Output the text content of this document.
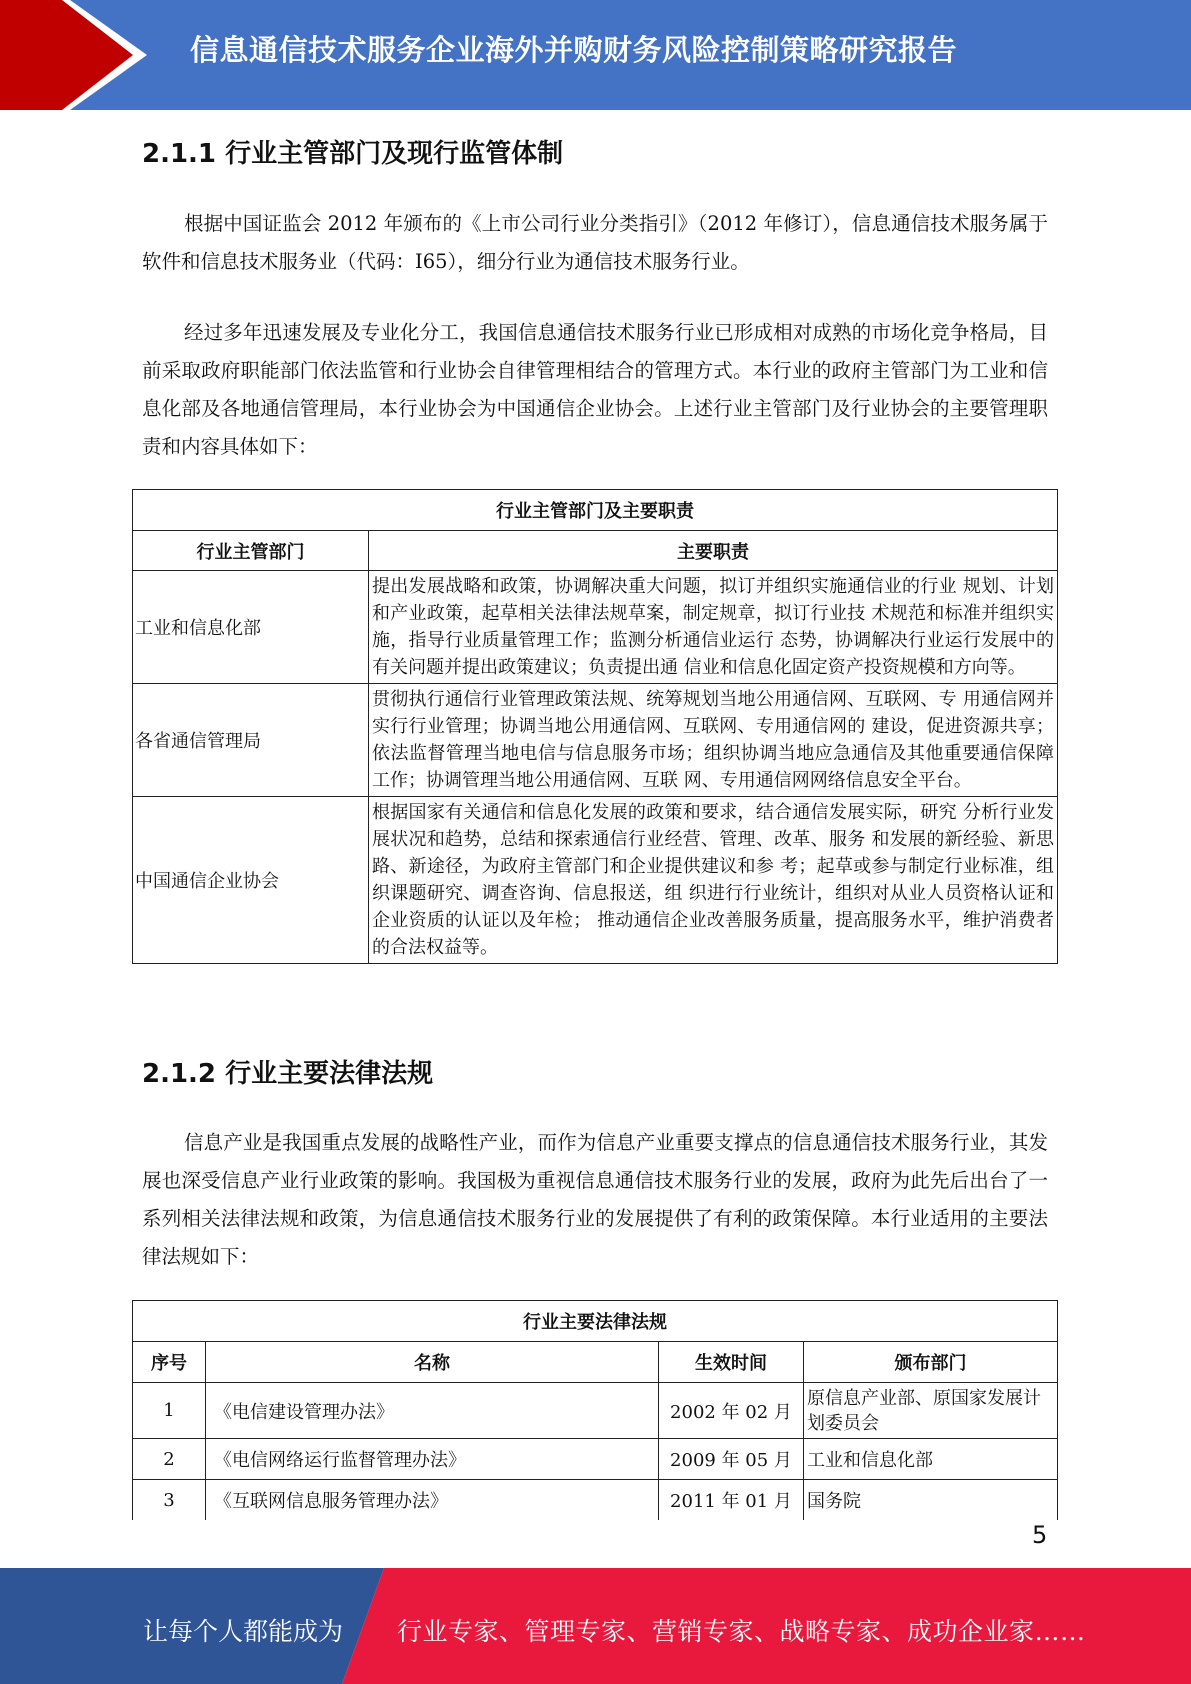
信息通信技术服务企业海外并购财务风险控制策略研究报告
2.1.1 行业主管部门及现行监管体制

根据中国证监会 2012 年颁布的《上市公司行业分类指引》（2012 年修订），信息通信技术服务属于软件和信息技术服务业（代码：I65），细分行业为通信技术服务行业。

经过多年迅速发展及专业化分工，我国信息通信技术服务行业已形成相对成熟的市场化竞争格局，目前采取政府职能部门依法监管和行业协会自律管理相结合的管理方式。本行业的政府主管部门为工业和信息化部及各地通信管理局，本行业协会为中国通信企业协会。上述行业主管部门及行业协会的主要管理职责和内容具体如下：

行业主管部门及主要职责	
行业主管部门	主要职责
工业和信息化部	提出发展战略和政策，协调解决重大问题，拟订并组织实施通信业的行业 规划、计划和产业政策，起草相关法律法规草案，制定规章，拟订行业技 术规范和标准并组织实施，指导行业质量管理工作；监测分析通信业运行 态势，协调解决行业运行发展中的有关问题并提出政策建议；负责提出通 信业和信息化固定资产投资规模和方向等。
各省通信管理局	贯彻执行通信行业管理政策法规、统筹规划当地公用通信网、互联网、专 用通信网并实行行业管理；协调当地公用通信网、互联网、专用通信网的 建设，促进资源共享；依法监督管理当地电信与信息服务市场；组织协调当地应急通信及其他重要通信保障工作；协调管理当地公用通信网、互联 网、专用通信网网络信息安全平台。
中国通信企业协会	根据国家有关通信和信息化发展的政策和要求，结合通信发展实际，研究 分析行业发展状况和趋势，总结和探索通信行业经营、管理、改革、服务 和发展的新经验、新思路、新途径，为政府主管部门和企业提供建议和参 考；起草或参与制定行业标准，组织课题研究、调查咨询、信息报送，组 织进行行业统计，组织对从业人员资格认证和企业资质的认证以及年检； 推动通信企业改善服务质量，提高服务水平，维护消费者的合法权益等。
2.1.2 行业主要法律法规

信息产业是我国重点发展的战略性产业，而作为信息产业重要支撑点的信息通信技术服务行业，其发展也深受信息产业行业政策的影响。我国极为重视信息通信技术服务行业的发展，政府为此先后出台了一系列相关法律法规和政策，为信息通信技术服务行业的发展提供了有利的政策保障。本行业适用的主要法律法规如下：

行业主要法律法规			
序号	名称	生效时间	颁布部门
1	《电信建设管理办法》	2002 年 02 月	原信息产业部、原国家发展计划委员会
2	《电信网络运行监督管理办法》	2009 年 05 月	工业和信息化部
3	《互联网信息服务管理办法》	2011 年 01 月	国务院
5
让每个人都能成为 行业专家、管理专家、营销专家、战略专家、成功企业家……
